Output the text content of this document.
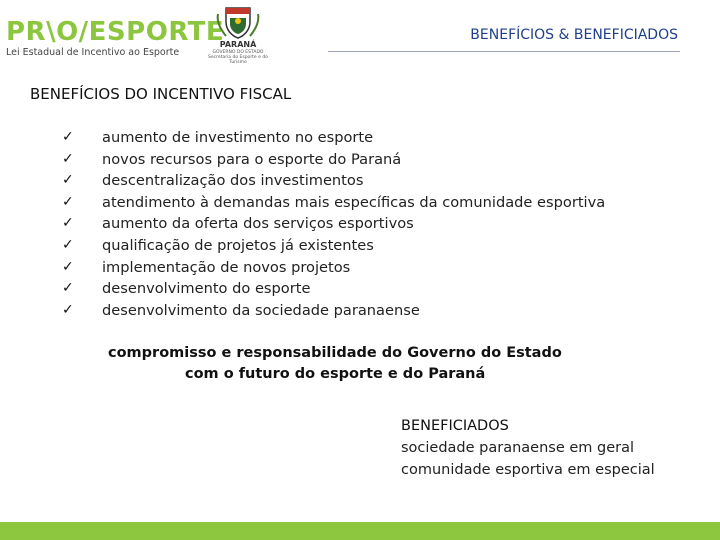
PR\O/ESPORTE
Lei Estadual de Incentivo ao Esporte
PARANÁ
GOVERNO DO ESTADO Secretaria do Esporte e do Turismo
BENEFÍCIOS & BENEFICIADOS
BENEFÍCIOS DO INCENTIVO FISCAL
✓ aumento de investimento no esporte
✓ novos recursos para o esporte do Paraná
✓ descentralização dos investimentos
✓ atendimento à demandas mais específicas da comunidade esportiva
✓ aumento da oferta dos serviços esportivos
✓ qualificação de projetos já existentes
✓ implementação de novos projetos
✓ desenvolvimento do esporte
✓ desenvolvimento da sociedade paranaense
compromisso e responsabilidade do Governo do Estado
com o futuro do esporte e do Paraná
BENEFICIADOS
sociedade paranaense em geral
comunidade esportiva em especial
